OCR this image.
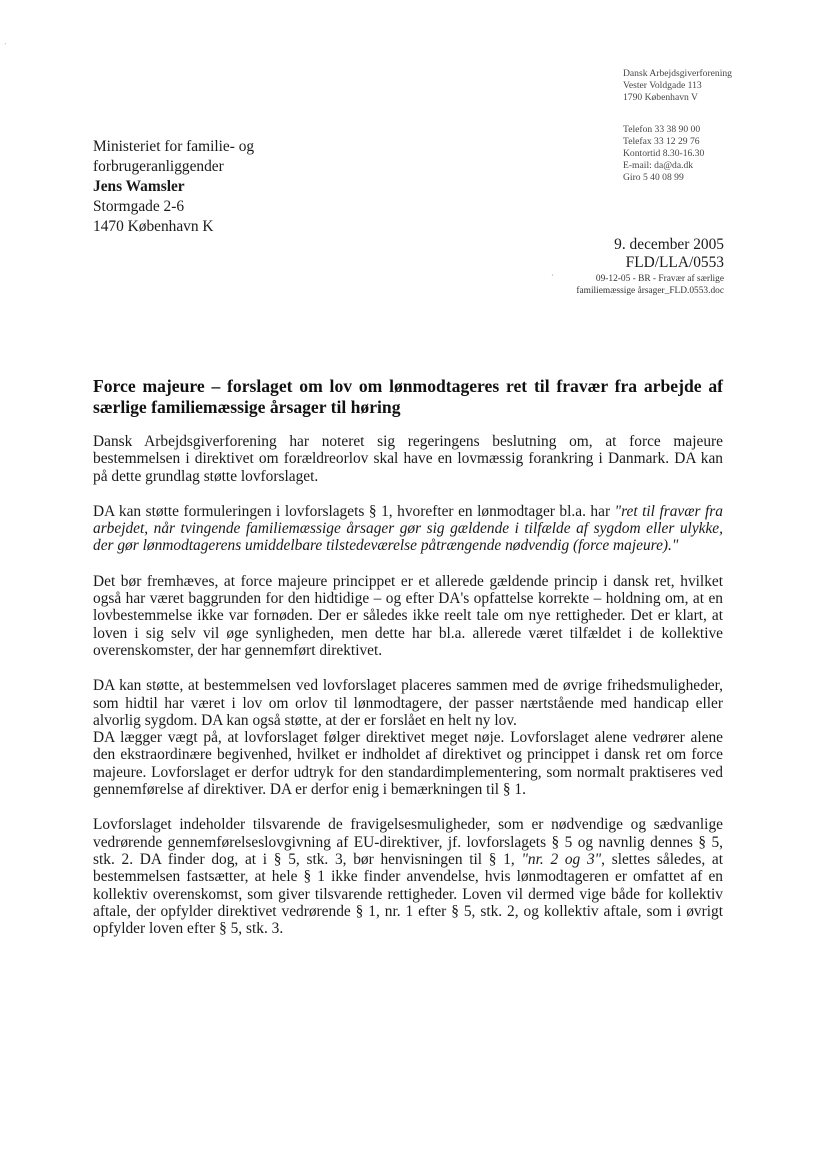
ˊ
Dansk Arbejdsgiverforening
Vester Voldgade 113
1790 København V
Telefon 33 38 90 00
Telefax 33 12 29 76
Kontortid 8.30-16.30
E-mail: da@da.dk
Giro 5 40 08 99
Ministeriet for familie- og
forbrugeranliggender
Jens Wamsler
Stormgade 2-6
1470 København K
9. december 2005
FLD/LLA/0553
·	09-12-05 - BR - Fravær af særlige
familiemæssige årsager_FLD.0553.doc
Force majeure – forslaget om lov om lønmodtageres ret til fravær fra arbejde af særlige familiemæssige årsager til høring

Dansk Arbejdsgiverforening har noteret sig regeringens beslutning om, at force majeure bestemmelsen i direktivet om forældreorlov skal have en lovmæssig forankring i Danmark. DA kan på dette grundlag støtte lovforslaget.

DA kan støtte formuleringen i lovforslagets § 1, hvorefter en lønmodtager bl.a. har "ret til fravær fra arbejdet, når tvingende familiemæssige årsager gør sig gældende i tilfælde af sygdom eller ulykke, der gør lønmodtagerens umiddelbare tilstedeværelse påtrængende nødvendig (force majeure)."

Det bør fremhæves, at force majeure princippet er et allerede gældende princip i dansk ret, hvilket også har været baggrunden for den hidtidige – og efter DA's opfattelse korrekte – holdning om, at en lovbestemmelse ikke var fornøden. Der er således ikke reelt tale om nye rettigheder. Det er klart, at loven i sig selv vil øge synligheden, men dette har bl.a. allerede været tilfældet i de kollektive overenskomster, der har gennemført direktivet.

DA kan støtte, at bestemmelsen ved lovforslaget placeres sammen med de øvrige frihedsmuligheder, som hidtil har været i lov om orlov til lønmodtagere, der passer nærtstående med handicap eller alvorlig sygdom. DA kan også støtte, at der er forslået en helt ny lov.

DA lægger vægt på, at lovforslaget følger direktivet meget nøje. Lovforslaget alene vedrører alene den ekstraordinære begivenhed, hvilket er indholdet af direktivet og princippet i dansk ret om force majeure. Lovforslaget er derfor udtryk for den standardimplementering, som normalt praktiseres ved gennemførelse af direktiver. DA er derfor enig i bemærkningen til § 1.

Lovforslaget indeholder tilsvarende de fravigelsesmuligheder, som er nødvendige og sædvanlige vedrørende gennemførelseslovgivning af EU-direktiver, jf. lovforslagets § 5 og navnlig dennes § 5, stk. 2. DA finder dog, at i § 5, stk. 3, bør henvisningen til § 1, "nr. 2 og 3", slettes således, at bestemmelsen fastsætter, at hele § 1 ikke finder anvendelse, hvis lønmodtageren er omfattet af en kollektiv overenskomst, som giver tilsvarende rettigheder. Loven vil dermed vige både for kollektiv aftale, der opfylder direktivet vedrørende § 1, nr. 1 efter § 5, stk. 2, og kollektiv aftale, som i øvrigt opfylder loven efter § 5, stk. 3.
